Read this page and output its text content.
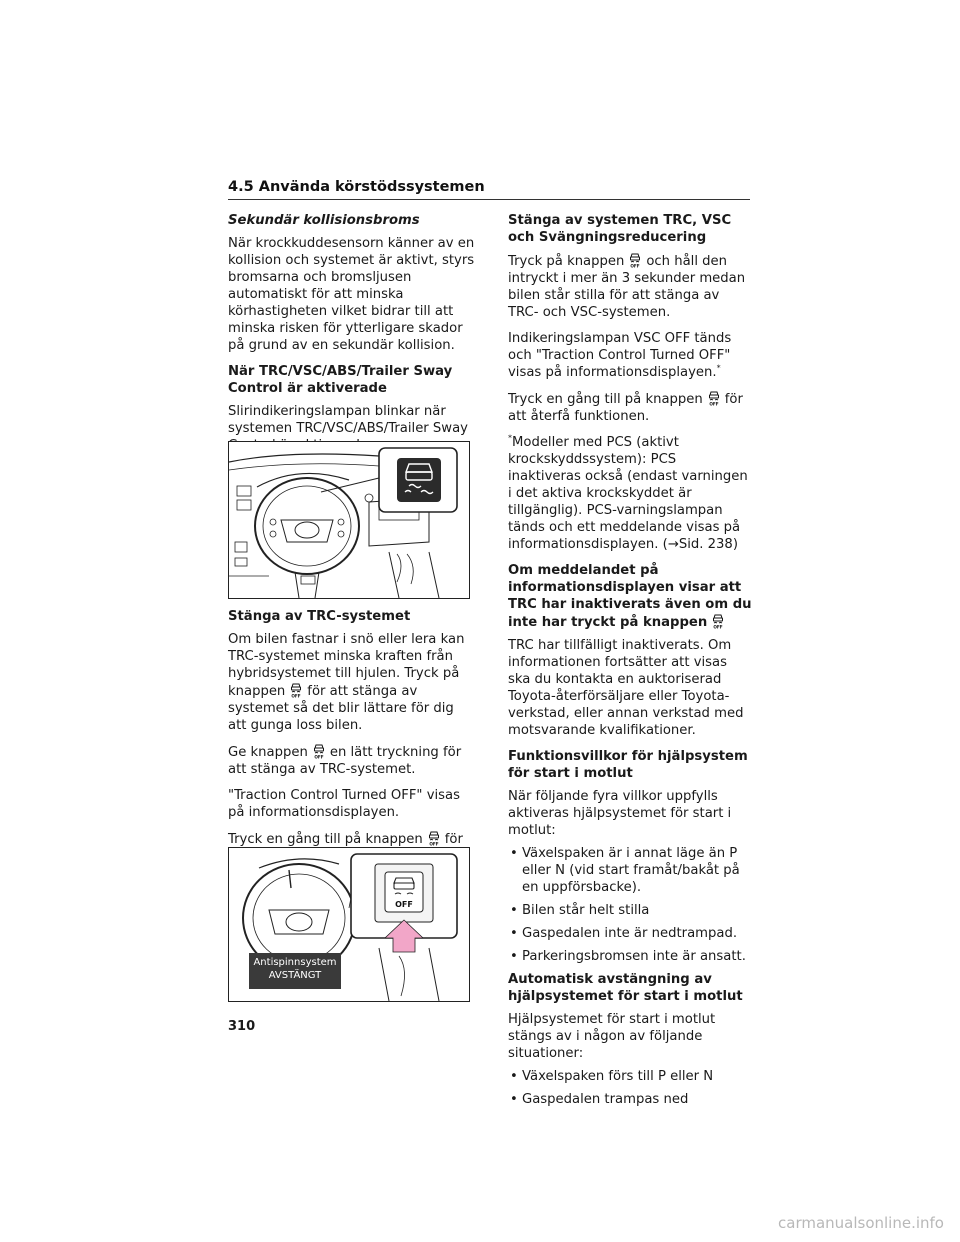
4.5 Använda körstödssystemen

Sekundär kollisionsbroms

När krockkuddesensorn känner av en kollision och systemet är aktivt, styrs bromsarna och bromsljusen automatiskt för att minska körhastigheten vilket bidrar till att minska risken för ytterligare skador på grund av en sekundär kollision.

När TRC/VSC/ABS/Trailer Sway Control är aktiverade

Slirindikeringslampan blinkar när systemen TRC/VSC/ABS/Trailer Sway

Stänga av TRC-systemet

Om bilen fastnar i snö eller lera kan TRC-systemet minska kraften från hybridsystemet till hjulen. Tryck på knappen för att stänga av systemet så det blir lättare för dig att gunga loss bilen.

Ge knappen en lätt tryckning för att stänga av TRC-systemet.

"Traction Control Turned OFF" visas på informationsdisplayen.

Tryck en gång till på knappen för

OFF
Antispinnsystem
AVSTÄNGT

Stänga av systemen TRC, VSC och Svängningsreducering

Tryck på knappen och håll den intryckt i mer än 3 sekunder medan bilen står stilla för att stänga av TRC- och VSC-systemen.

Indikeringslampan VSC OFF tänds och "Traction Control Turned OFF" visas på informationsdisplayen.*

Tryck en gång till på knappen för att återfå funktionen.

*Modeller med PCS (aktivt krockskyddssystem): PCS inaktiveras också (endast varningen i det aktiva krockskyddet är tillgänglig). PCS-varningslampan tänds och ett meddelande visas på informationsdisplayen. (→Sid. 238)

Om meddelandet på informationsdisplayen visar att TRC har inaktiverats även om du inte har tryckt på knappen

TRC har tillfälligt inaktiverats. Om informationen fortsätter att visas ska du kontakta en auktoriserad Toyota-återförsäljare eller Toyota-verkstad, eller annan verkstad med motsvarande kvalifikationer.

Funktionsvillkor för hjälpsystem för start i motlut

När följande fyra villkor uppfylls aktiveras hjälpsystemet för start i motlut:

• Växelspaken är i annat läge än P eller N (vid start framåt/bakåt på en uppförsbacke).
• Bilen står helt stilla
• Gaspedalen inte är nedtrampad.
• Parkeringsbromsen inte är ansatt.

Automatisk avstängning av hjälpsystemet för start i motlut

Hjälpsystemet för start i motlut stängs av i någon av följande situationer:

• Växelspaken förs till P eller N
• Gaspedalen trampas ned
310
carmanualsonline.info
